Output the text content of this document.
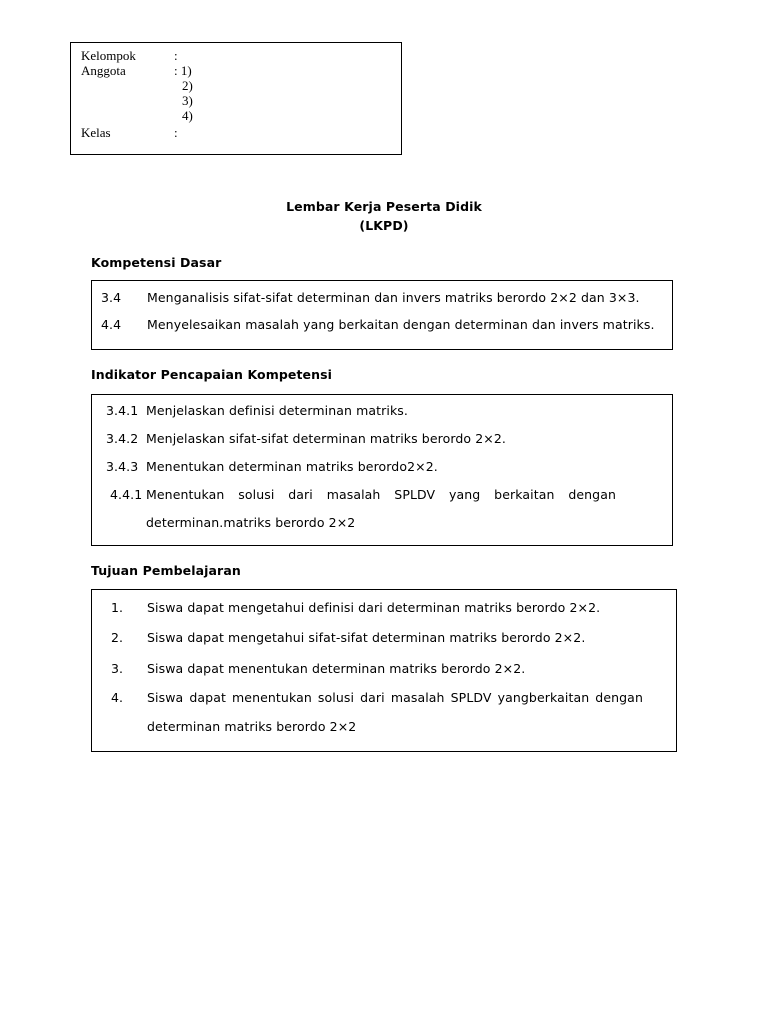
Kelompok	:
Anggota	: 1)
2)
3)
4)
Kelas	:
Lembar Kerja Peserta Didik
(LKPD)
Kompetensi Dasar
3.4 Menganalisis sifat-sifat determinan dan invers matriks berordo 2×2 dan 3×3.
4.4 Menyelesaikan masalah yang berkaitan dengan determinan dan invers matriks.
Indikator Pencapaian Kompetensi
3.4.1 Menjelaskan definisi determinan matriks.
3.4.2 Menjelaskan sifat-sifat determinan matriks berordo 2×2.
3.4.3 Menentukan determinan matriks berordo2×2.
4.4.1 Menentukan solusi dari masalah SPLDV yang berkaitan dengan
determinan.matriks berordo 2×2
Tujuan Pembelajaran
1. Siswa dapat mengetahui definisi dari determinan matriks berordo 2×2.
2. Siswa dapat mengetahui sifat-sifat determinan matriks berordo 2×2.
3. Siswa dapat menentukan determinan matriks berordo 2×2.
4. Siswa dapat menentukan solusi dari masalah SPLDV yangberkaitan dengan
determinan matriks berordo 2×2
